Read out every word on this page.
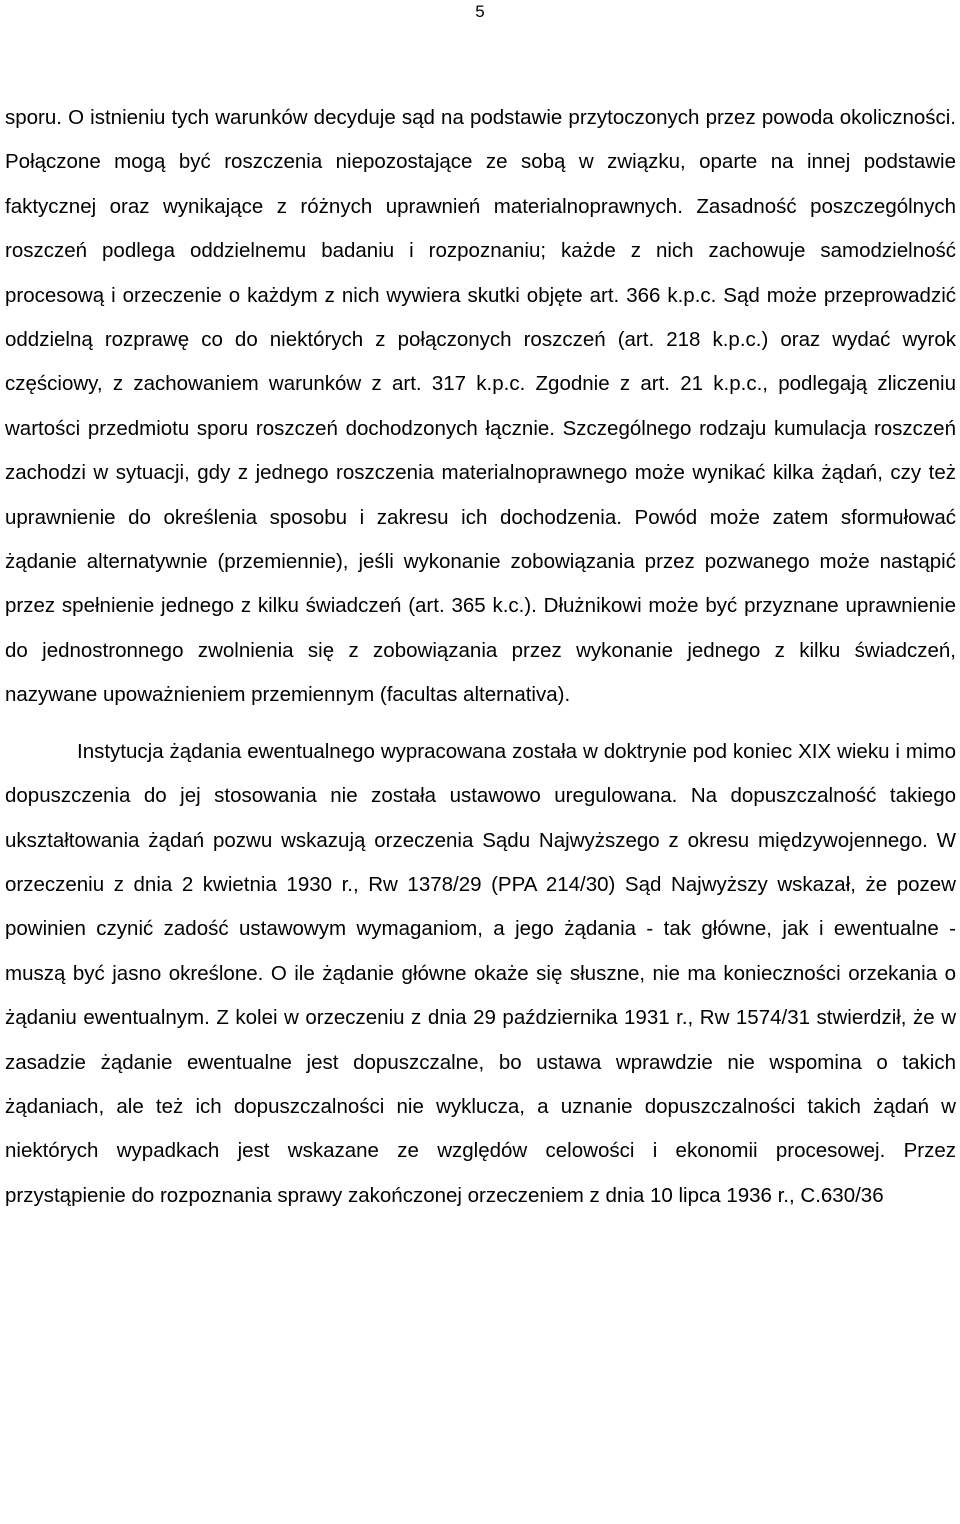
5

sporu. O istnieniu tych warunków decyduje sąd na podstawie przytoczonych przez powoda okoliczności. Połączone mogą być roszczenia niepozostające ze sobą w związku, oparte na innej podstawie faktycznej oraz wynikające z różnych uprawnień materialnoprawnych. Zasadność poszczególnych roszczeń podlega oddzielnemu badaniu i rozpoznaniu; każde z nich zachowuje samodzielność procesową i orzeczenie o każdym z nich wywiera skutki objęte art. 366 k.p.c. Sąd może przeprowadzić oddzielną rozprawę co do niektórych z połączonych roszczeń (art. 218 k.p.c.) oraz wydać wyrok częściowy, z zachowaniem warunków z art. 317 k.p.c. Zgodnie z art. 21 k.p.c., podlegają zliczeniu wartości przedmiotu sporu roszczeń dochodzonych łącznie. Szczególnego rodzaju kumulacja roszczeń zachodzi w sytuacji, gdy z jednego roszczenia materialnoprawnego może wynikać kilka żądań, czy też uprawnienie do określenia sposobu i zakresu ich dochodzenia. Powód może zatem sformułować żądanie alternatywnie (przemiennie), jeśli wykonanie zobowiązania przez pozwanego może nastąpić przez spełnienie jednego z kilku świadczeń (art. 365 k.c.). Dłużnikowi może być przyznane uprawnienie do jednostronnego zwolnienia się z zobowiązania przez wykonanie jednego z kilku świadczeń, nazywane upoważnieniem przemiennym (facultas alternativa).

Instytucja żądania ewentualnego wypracowana została w doktrynie pod koniec XIX wieku i mimo dopuszczenia do jej stosowania nie została ustawowo uregulowana. Na dopuszczalność takiego ukształtowania żądań pozwu wskazują orzeczenia Sądu Najwyższego z okresu międzywojennego. W orzeczeniu z dnia 2 kwietnia 1930 r., Rw 1378/29 (PPA 214/30) Sąd Najwyższy wskazał, że pozew powinien czynić zadość ustawowym wymaganiom, a jego żądania - tak główne, jak i ewentualne - muszą być jasno określone. O ile żądanie główne okaże się słuszne, nie ma konieczności orzekania o żądaniu ewentualnym. Z kolei w orzeczeniu z dnia 29 października 1931 r., Rw 1574/31 stwierdził, że w zasadzie żądanie ewentualne jest dopuszczalne, bo ustawa wprawdzie nie wspomina o takich żądaniach, ale też ich dopuszczalności nie wyklucza, a uznanie dopuszczalności takich żądań w niektórych wypadkach jest wskazane ze względów celowości i ekonomii procesowej. Przez przystąpienie do rozpoznania sprawy zakończonej orzeczeniem z dnia 10 lipca 1936 r., C.630/36
